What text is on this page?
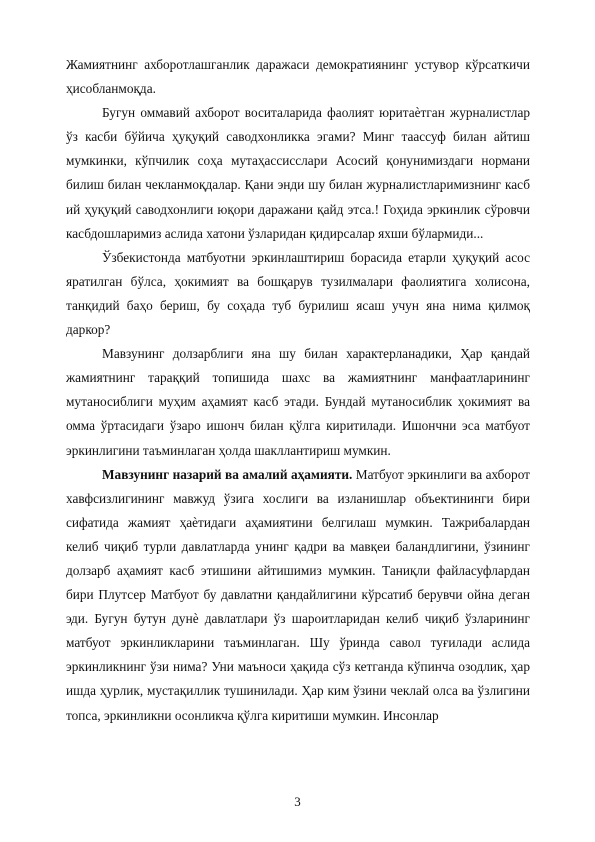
Жамиятнинг ахборотлашганлик даражаси демократиянинг устувор кўрсаткичи ҳисобланмоқда.

Бугун оммавий ахборот воситаларида фаолият юритаѐтган журналистлар ўз касби бўйича ҳуқуқий саводхонликка эгами? Минг таассуф билан айтиш мумкинки, кўпчилик соҳа мутаҳассисслари Асосий қонунимиздаги нормани билиш билан чекланмоқдалар. Қани энди шу билан журналистларимизнинг касб ий ҳуқуқий саводхонлиги юқори даражани қайд этса.! Гоҳида эркинлик сўровчи касбдошларимиз аслида хатони ўзларидан қидирсалар яхши бўлармиди...

Ўзбекистонда матбуотни эркинлаштириш борасида етарли ҳуқуқий асос яратилган бўлса, ҳокимият ва бошқарув тузилмалари фаолиятига холисона, танқидий баҳо бериш, бу соҳада туб бурилиш ясаш учун яна нима қилмоқ даркор?

Мавзунинг долзарблиги яна шу билан характерланадики, Ҳар қандай жамиятнинг тараққий топишида шахс ва жамиятнинг манфаатларининг мутаносиблиги муҳим аҳамият касб этади. Бундай мутаносиблик ҳокимият ва омма ўртасидаги ўзаро ишонч билан қўлга киритилади. Ишончни эса матбуот эркинлигини таъминлаган ҳолда шакллантириш мумкин.

Мавзунинг назарий ва амалий аҳамияти. Матбуот эркинлиги ва ахборот хавфсизлигининг мавжуд ўзига хослиги ва изланишлар объектининги бири сифатида жамият ҳаѐтидаги аҳамиятини белгилаш мумкин. Тажрибалардан келиб чиқиб турли давлатларда унинг қадри ва мавқеи баландлигини, ўзининг долзарб аҳамият касб этишини айтишимиз мумкин. Таниқли файласуфлардан бири Плутсер Матбуот бу давлатни қандайлигини кўрсатиб берувчи ойна деган эди. Бугун бутун дунѐ давлатлари ўз шароитларидан келиб чиқиб ўзларининг матбуот эркинликларини таъминлаган. Шу ўринда савол туғилади аслида эркинликнинг ўзи нима? Уни маъноси ҳақида сўз кетганда кўпинча озодлик, ҳар ишда ҳурлик, мустақиллик тушинилади. Ҳар ким ўзини чеклай олса ва ўзлигини топса, эркинликни осонликча қўлга киритиши мумкин. Инсонлар

3
